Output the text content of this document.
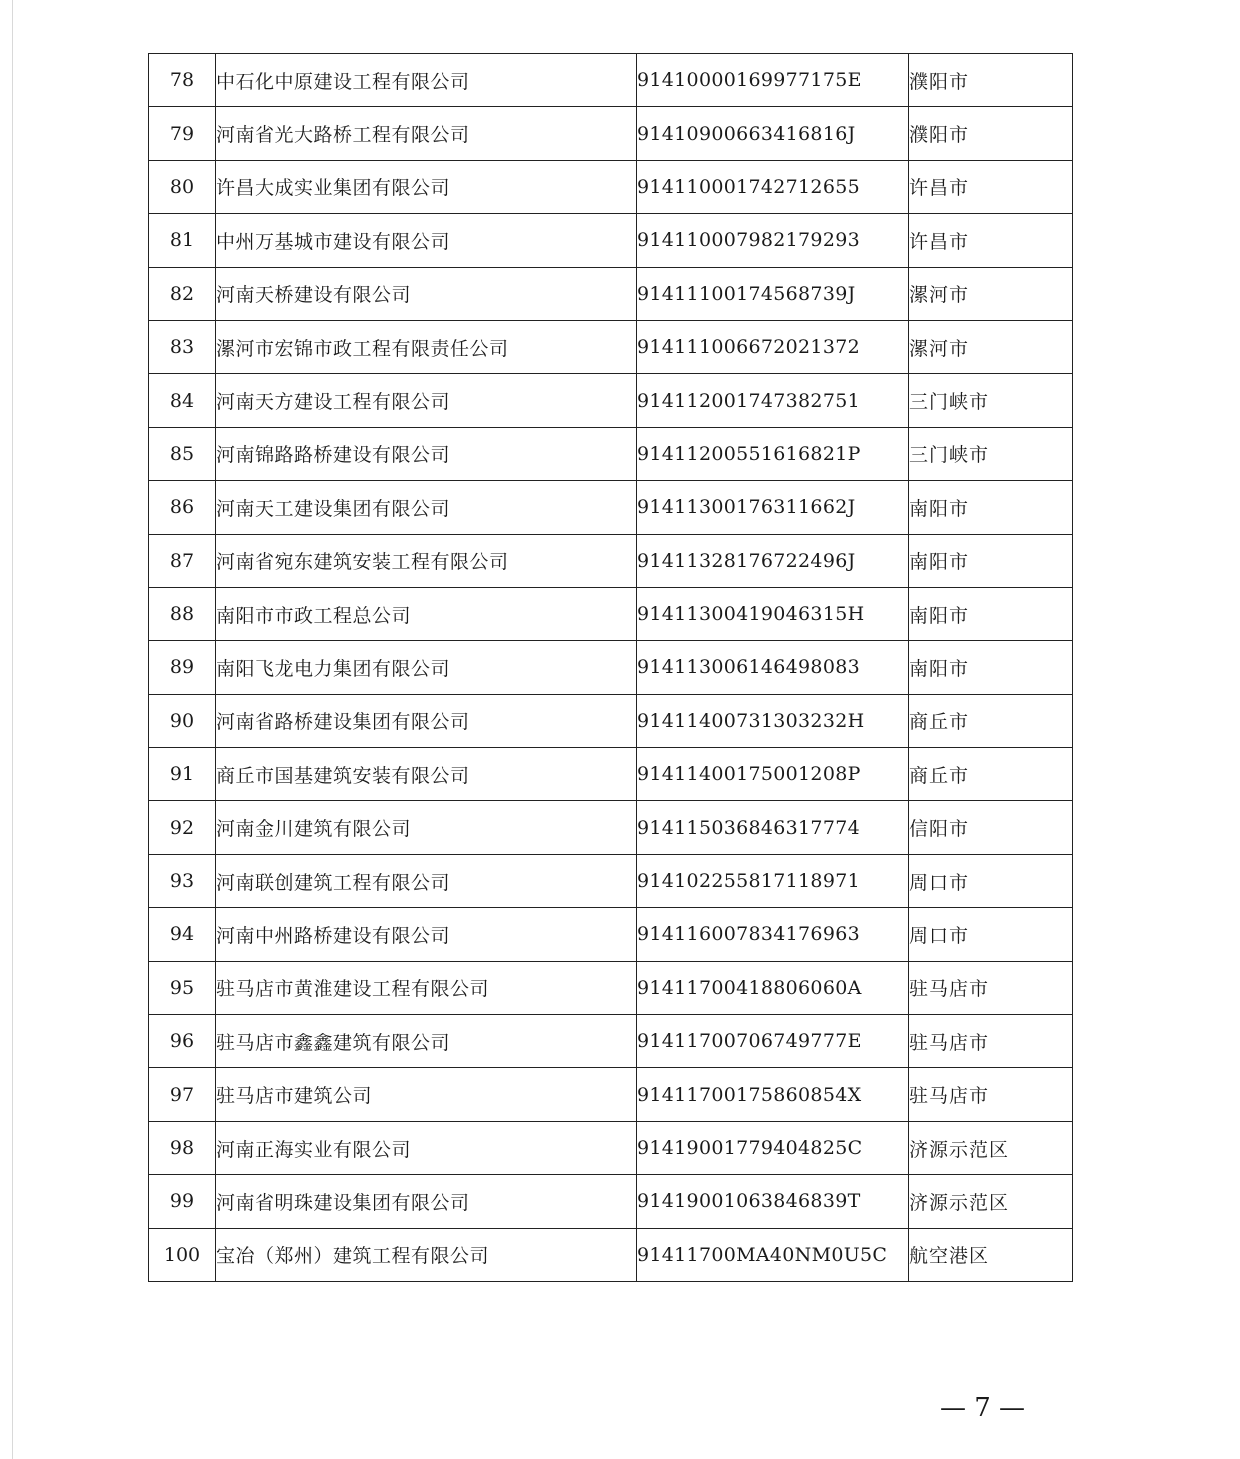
78	中石化中原建设工程有限公司	91410000169977175E	濮阳市
79	河南省光大路桥工程有限公司	91410900663416816J	濮阳市
80	许昌大成实业集团有限公司	914110001742712655	许昌市
81	中州万基城市建设有限公司	914110007982179293	许昌市
82	河南天桥建设有限公司	91411100174568739J	漯河市
83	漯河市宏锦市政工程有限责任公司	914111006672021372	漯河市
84	河南天方建设工程有限公司	914112001747382751	三门峡市
85	河南锦路路桥建设有限公司	91411200551616821P	三门峡市
86	河南天工建设集团有限公司	91411300176311662J	南阳市
87	河南省宛东建筑安装工程有限公司	91411328176722496J	南阳市
88	南阳市市政工程总公司	91411300419046315H	南阳市
89	南阳飞龙电力集团有限公司	914113006146498083	南阳市
90	河南省路桥建设集团有限公司	91411400731303232H	商丘市
91	商丘市国基建筑安装有限公司	91411400175001208P	商丘市
92	河南金川建筑有限公司	914115036846317774	信阳市
93	河南联创建筑工程有限公司	914102255817118971	周口市
94	河南中州路桥建设有限公司	914116007834176963	周口市
95	驻马店市黄淮建设工程有限公司	91411700418806060A	驻马店市
96	驻马店市鑫鑫建筑有限公司	91411700706749777E	驻马店市
97	驻马店市建筑公司	91411700175860854X	驻马店市
98	河南正海实业有限公司	91419001779404825C	济源示范区
99	河南省明珠建设集团有限公司	91419001063846839T	济源示范区
100	宝冶（郑州）建筑工程有限公司	91411700MA40NM0U5C	航空港区
— 7 —
